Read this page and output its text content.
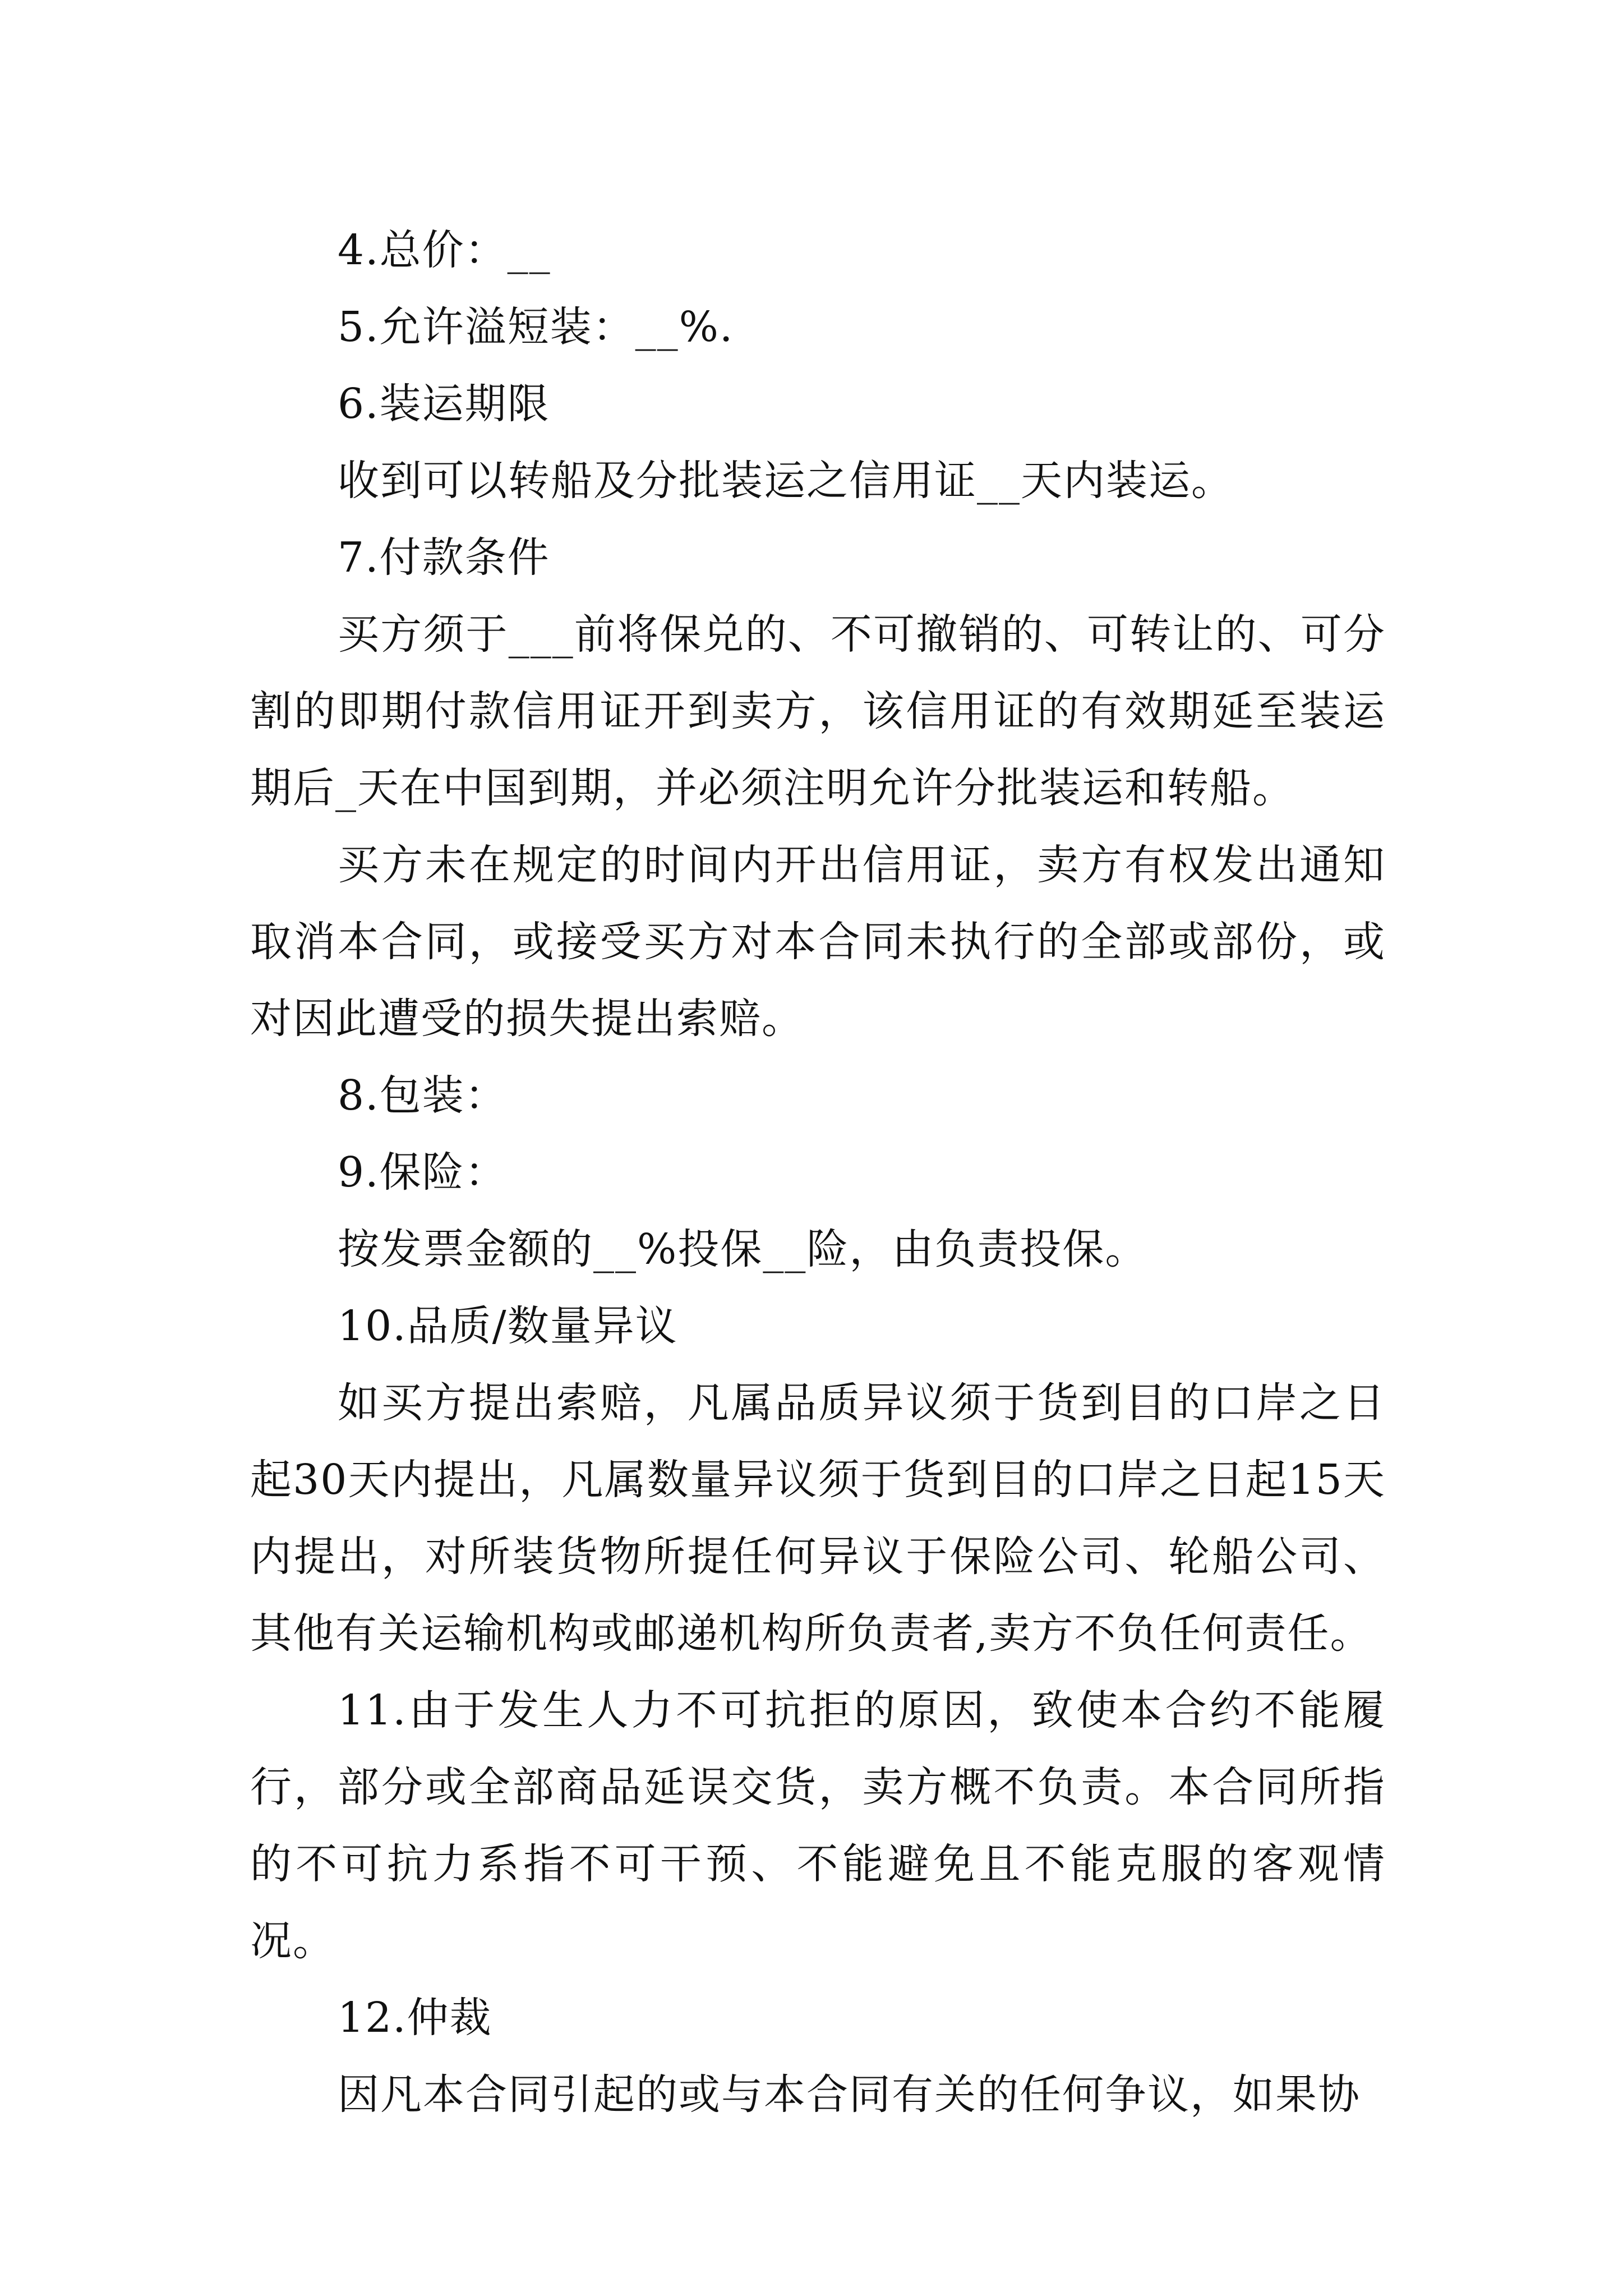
4.总价：__

5.允许溢短装：__%.

6.装运期限

收到可以转船及分批装运之信用证__天内装运。

7.付款条件

买方须于___前将保兑的、不可撤销的、可转让的、可分割的即期付款信用证开到卖方，该信用证的有效期延至装运期后_天在中国到期，并必须注明允许分批装运和转船。

买方未在规定的时间内开出信用证，卖方有权发出通知取消本合同，或接受买方对本合同未执行的全部或部份，或对因此遭受的损失提出索赔。

8.包装：

9.保险：

按发票金额的__%投保__险，由负责投保。

10.品质/数量异议

如买方提出索赔，凡属品质异议须于货到目的口岸之日起30天内提出，凡属数量异议须于货到目的口岸之日起15天内提出，对所装货物所提任何异议于保险公司、轮船公司、其他有关运输机构或邮递机构所负责者,卖方不负任何责任。

11.由于发生人力不可抗拒的原因，致使本合约不能履行，部分或全部商品延误交货，卖方概不负责。本合同所指的不可抗力系指不可干预、不能避免且不能克服的客观情况。

12.仲裁

因凡本合同引起的或与本合同有关的任何争议，如果协
